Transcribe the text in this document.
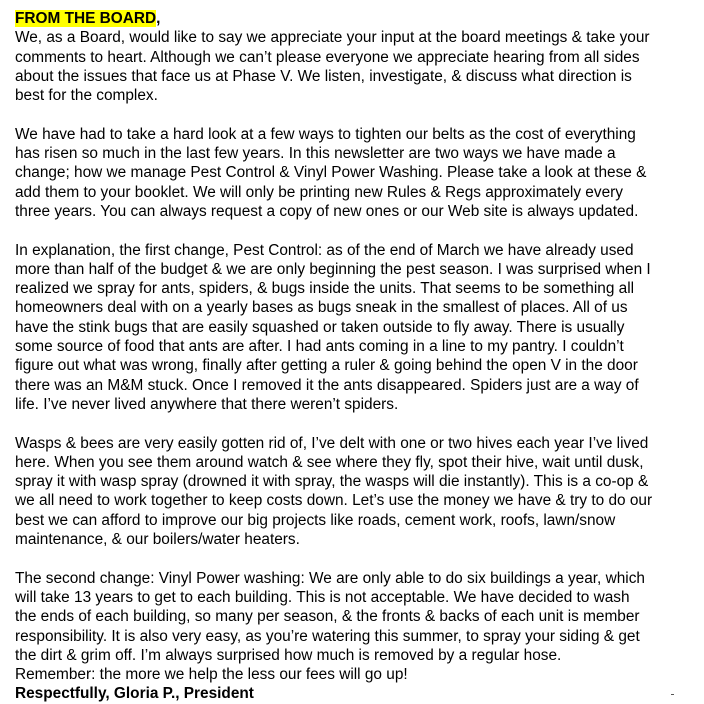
FROM THE BOARD,

We, as a Board, would like to say we appreciate your input at the board meetings & take your
comments to heart. Although we can’t please everyone we appreciate hearing from all sides
about the issues that face us at Phase V. We listen, investigate, & discuss what direction is
best for the complex.

We have had to take a hard look at a few ways to tighten our belts as the cost of everything
has risen so much in the last few years. In this newsletter are two ways we have made a
change; how we manage Pest Control & Vinyl Power Washing. Please take a look at these &
add them to your booklet. We will only be printing new Rules & Regs approximately every
three years. You can always request a copy of new ones or our Web site is always updated.

In explanation, the first change, Pest Control: as of the end of March we have already used
more than half of the budget & we are only beginning the pest season. I was surprised when I
realized we spray for ants, spiders, & bugs inside the units. That seems to be something all
homeowners deal with on a yearly bases as bugs sneak in the smallest of places. All of us
have the stink bugs that are easily squashed or taken outside to fly away. There is usually
some source of food that ants are after. I had ants coming in a line to my pantry. I couldn’t
figure out what was wrong, finally after getting a ruler & going behind the open V in the door
there was an M&M stuck. Once I removed it the ants disappeared. Spiders just are a way of
life. I’ve never lived anywhere that there weren’t spiders.

Wasps & bees are very easily gotten rid of, I’ve delt with one or two hives each year I’ve lived
here. When you see them around watch & see where they fly, spot their hive, wait until dusk,
spray it with wasp spray (drowned it with spray, the wasps will die instantly). This is a co-op &
we all need to work together to keep costs down. Let’s use the money we have & try to do our
best we can afford to improve our big projects like roads, cement work, roofs, lawn/snow
maintenance, & our boilers/water heaters.

The second change: Vinyl Power washing: We are only able to do six buildings a year, which
will take 13 years to get to each building. This is not acceptable. We have decided to wash
the ends of each building, so many per season, & the fronts & backs of each unit is member
responsibility. It is also very easy, as you’re watering this summer, to spray your siding & get
the dirt & grim off. I’m always surprised how much is removed by a regular hose.

Remember: the more we help the less our fees will go up!

Respectfully, Gloria P., President
